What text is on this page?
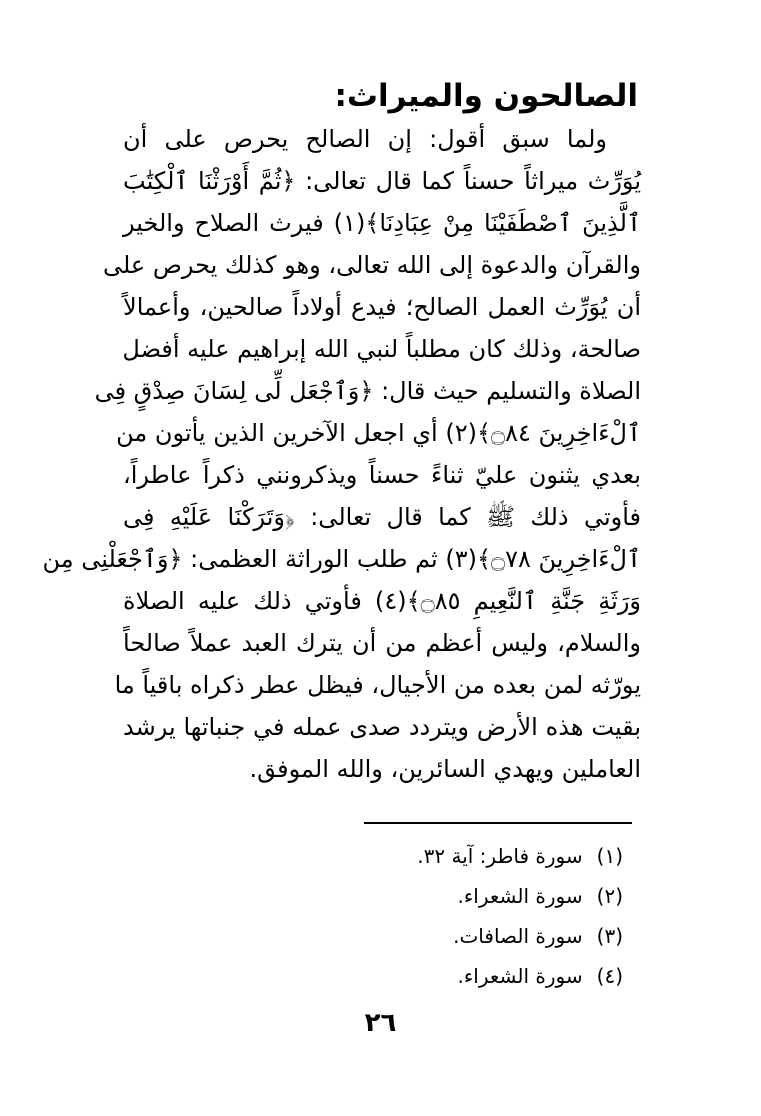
الصالحون والميراث:
ولما سبق أقول: إن الصالح يحرص على أن
يُوَرِّث ميراثاً حسناً كما قال تعالى: ﴿ثُمَّ أَوْرَثْنَا ٱلْكِتَٰبَ
ٱلَّذِينَ ٱصْطَفَيْنَا مِنْ عِبَادِنَا﴾(١) فيرث الصلاح والخير
والقرآن والدعوة إلى الله تعالى، وهو كذلك يحرص على
أن يُوَرِّث العمل الصالح؛ فيدع أولاداً صالحين، وأعمالاً
صالحة، وذلك كان مطلباً لنبي الله إبراهيم عليه أفضل
الصلاة والتسليم حيث قال: ﴿وَٱجْعَل لِّى لِسَانَ صِدْقٍ فِى
ٱلْءَاخِرِينَ ۝٨٤﴾(٢) أي اجعل الآخرين الذين يأتون من
بعدي يثنون عليّ ثناءً حسناً ويذكرونني ذكراً عاطراً،
فأوتي ذلك ﷺ كما قال تعالى: ﴿وَتَرَكْنَا عَلَيْهِ فِى
ٱلْءَاخِرِينَ ۝٧٨﴾(٣) ثم طلب الوراثة العظمى: ﴿وَٱجْعَلْنِى مِن
وَرَثَةِ جَنَّةِ ٱلنَّعِيمِ ۝٨٥﴾(٤) فأوتي ذلك عليه الصلاة
والسلام، وليس أعظم من أن يترك العبد عملاً صالحاً
يورّثه لمن بعده من الأجيال، فيظل عطر ذكراه باقياً ما
بقيت هذه الأرض ويتردد صدى عمله في جنباتها يرشد
العاملين ويهدي السائرين، والله الموفق.
(١)سورة فاطر: آية ٣٢.
(٢)سورة الشعراء.
(٣)سورة الصافات.
(٤)سورة الشعراء.
٢٦
